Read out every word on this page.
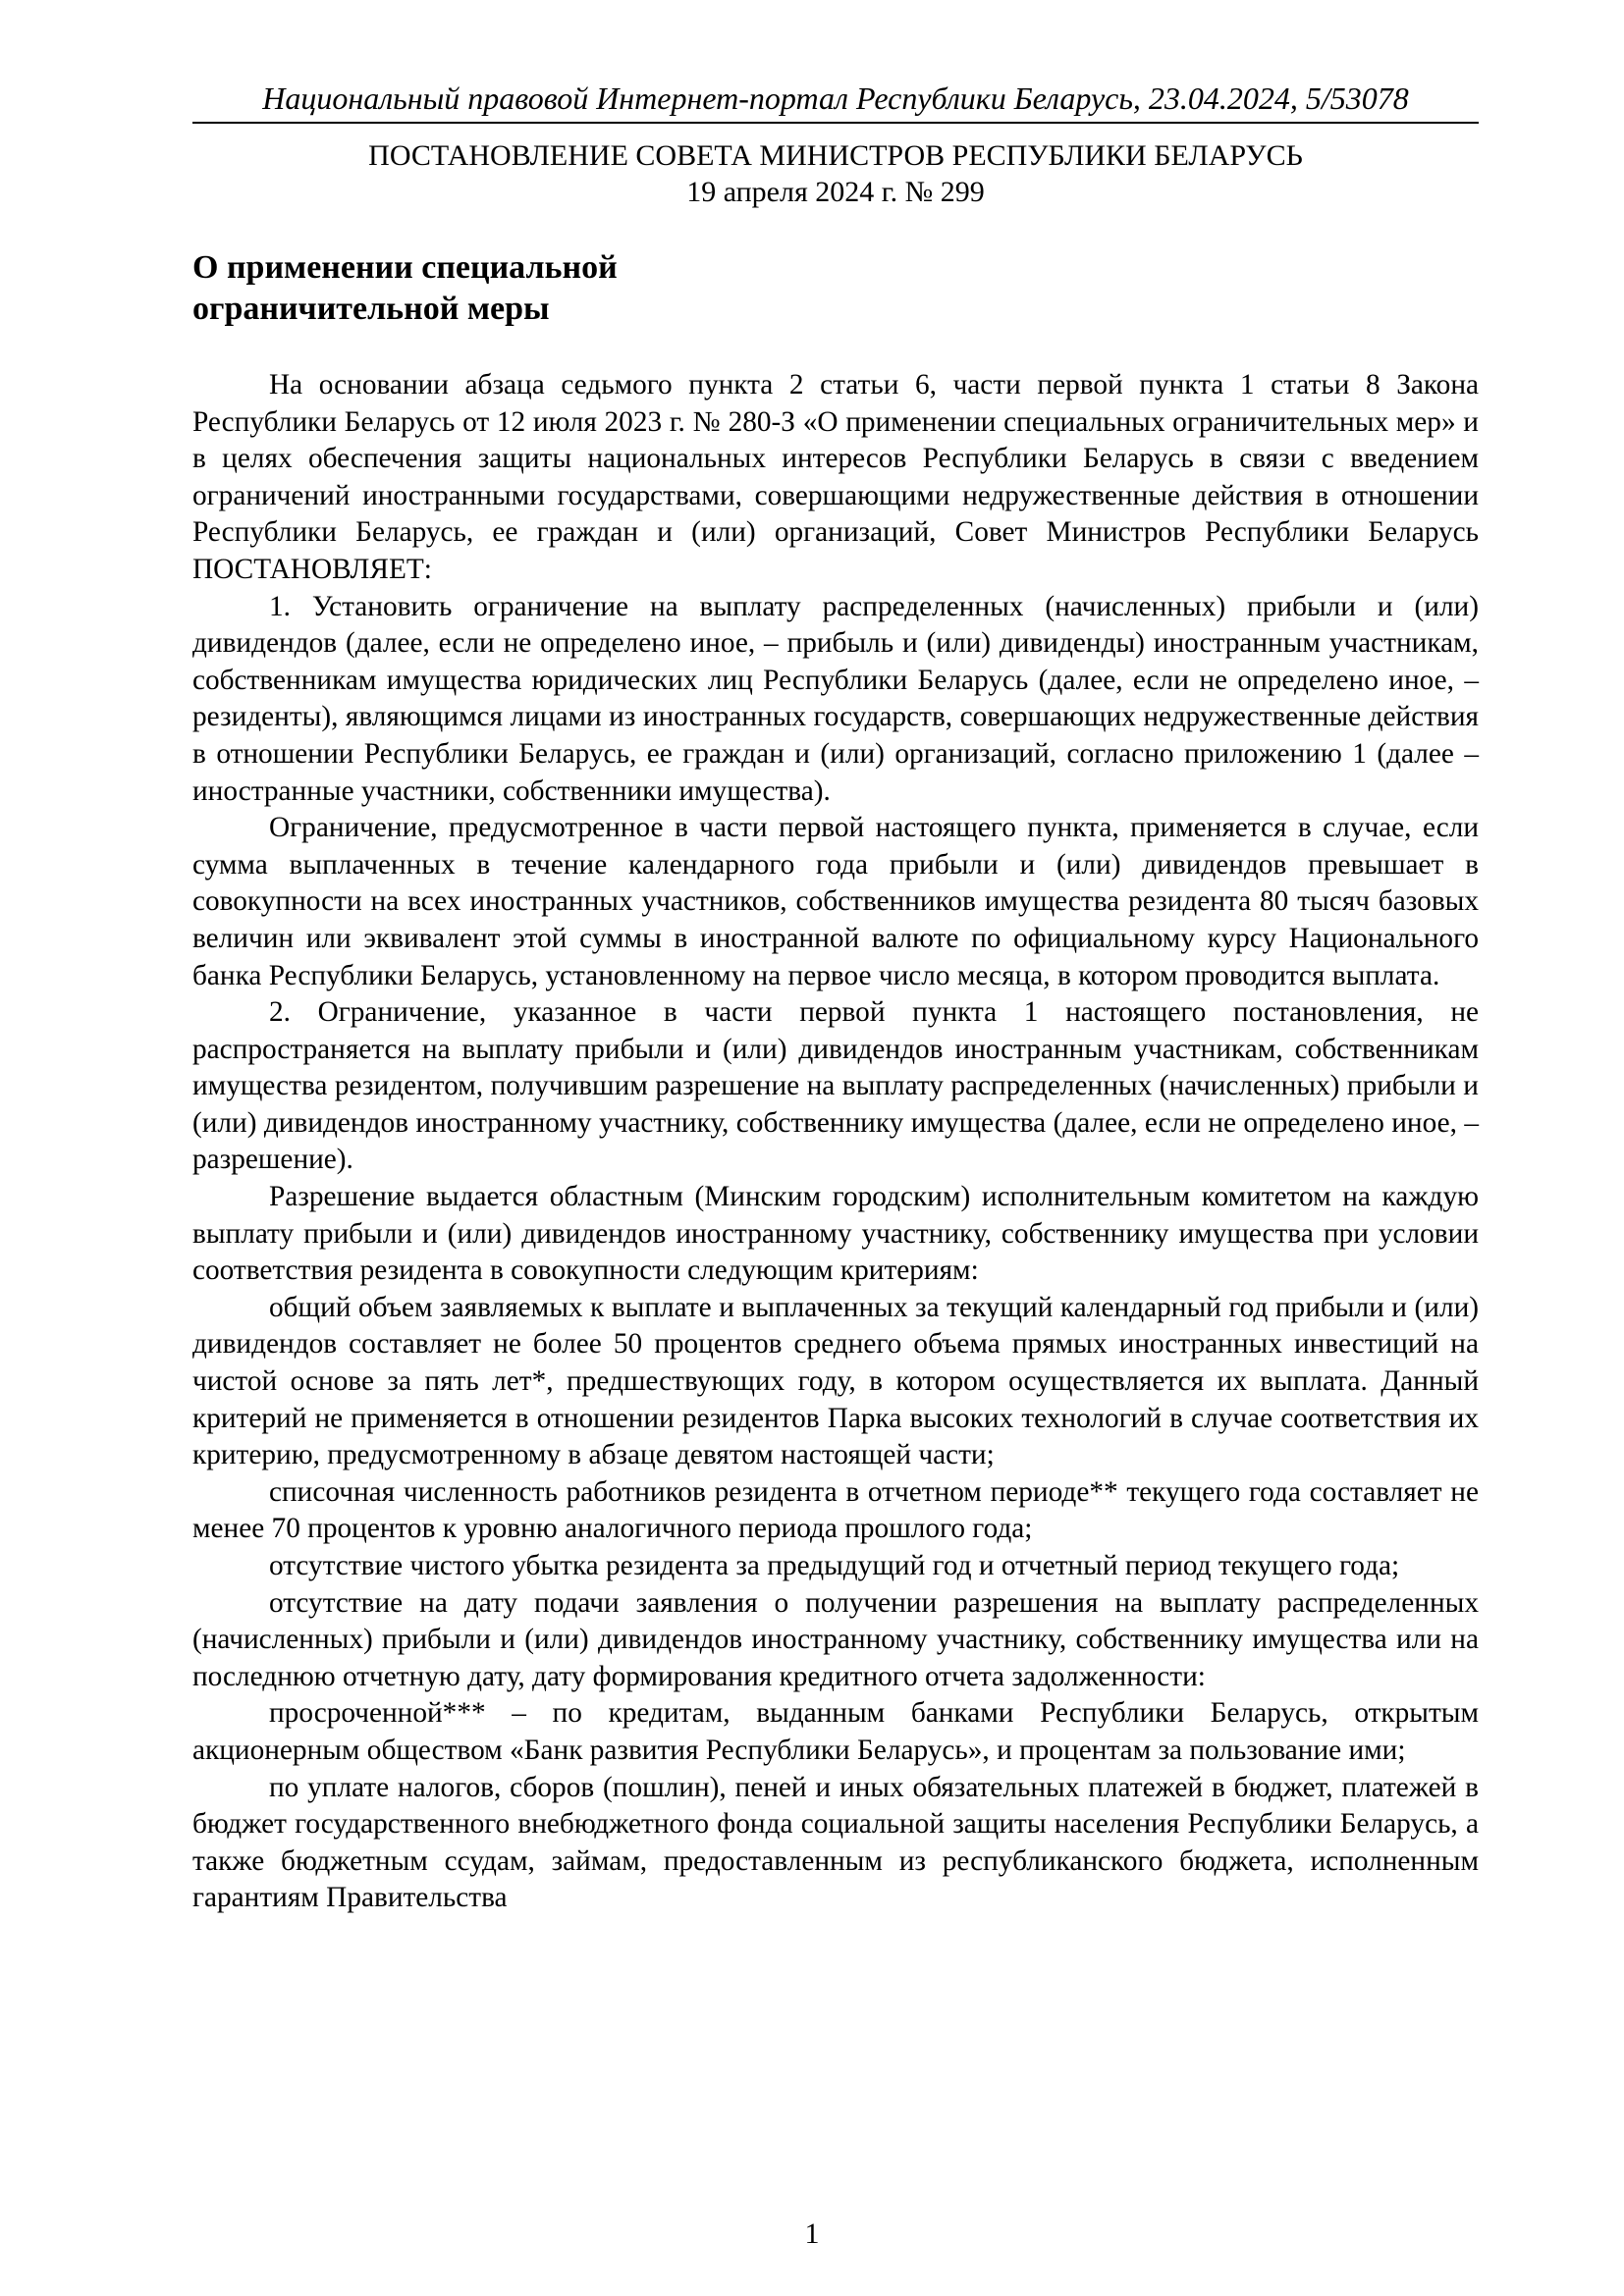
Национальный правовой Интернет-портал Республики Беларусь, 23.04.2024, 5/53078
ПОСТАНОВЛЕНИЕ СОВЕТА МИНИСТРОВ РЕСПУБЛИКИ БЕЛАРУСЬ
19 апреля 2024 г. № 299
О применении специальной
ограничительной меры

На основании абзаца седьмого пункта 2 статьи 6, части первой пункта 1 статьи 8 Закона Республики Беларусь от 12 июля 2023 г. № 280-З «О применении специальных ограничительных мер» и в целях обеспечения защиты национальных интересов Республики Беларусь в связи с введением ограничений иностранными государствами, совершающими недружественные действия в отношении Республики Беларусь, ее граждан и (или) организаций, Совет Министров Республики Беларусь ПОСТАНОВЛЯЕТ:

1. Установить ограничение на выплату распределенных (начисленных) прибыли и (или) дивидендов (далее, если не определено иное, – прибыль и (или) дивиденды) иностранным участникам, собственникам имущества юридических лиц Республики Беларусь (далее, если не определено иное, – резиденты), являющимся лицами из иностранных государств, совершающих недружественные действия в отношении Республики Беларусь, ее граждан и (или) организаций, согласно приложению 1 (далее – иностранные участники, собственники имущества).

Ограничение, предусмотренное в части первой настоящего пункта, применяется в случае, если сумма выплаченных в течение календарного года прибыли и (или) дивидендов превышает в совокупности на всех иностранных участников, собственников имущества резидента 80 тысяч базовых величин или эквивалент этой суммы в иностранной валюте по официальному курсу Национального банка Республики Беларусь, установленному на первое число месяца, в котором проводится выплата.

2. Ограничение, указанное в части первой пункта 1 настоящего постановления, не распространяется на выплату прибыли и (или) дивидендов иностранным участникам, собственникам имущества резидентом, получившим разрешение на выплату распределенных (начисленных) прибыли и (или) дивидендов иностранному участнику, собственнику имущества (далее, если не определено иное, – разрешение).

Разрешение выдается областным (Минским городским) исполнительным комитетом на каждую выплату прибыли и (или) дивидендов иностранному участнику, собственнику имущества при условии соответствия резидента в совокупности следующим критериям:

общий объем заявляемых к выплате и выплаченных за текущий календарный год прибыли и (или) дивидендов составляет не более 50 процентов среднего объема прямых иностранных инвестиций на чистой основе за пять лет*, предшествующих году, в котором осуществляется их выплата. Данный критерий не применяется в отношении резидентов Парка высоких технологий в случае соответствия их критерию, предусмотренному в абзаце девятом настоящей части;

списочная численность работников резидента в отчетном периоде** текущего года составляет не менее 70 процентов к уровню аналогичного периода прошлого года;

отсутствие чистого убытка резидента за предыдущий год и отчетный период текущего года;

отсутствие на дату подачи заявления о получении разрешения на выплату распределенных (начисленных) прибыли и (или) дивидендов иностранному участнику, собственнику имущества или на последнюю отчетную дату, дату формирования кредитного отчета задолженности:

просроченной*** – по кредитам, выданным банками Республики Беларусь, открытым акционерным обществом «Банк развития Республики Беларусь», и процентам за пользование ими;

по уплате налогов, сборов (пошлин), пеней и иных обязательных платежей в бюджет, платежей в бюджет государственного внебюджетного фонда социальной защиты населения Республики Беларусь, а также бюджетным ссудам, займам, предоставленным из республиканского бюджета, исполненным гарантиям Правительства

1
